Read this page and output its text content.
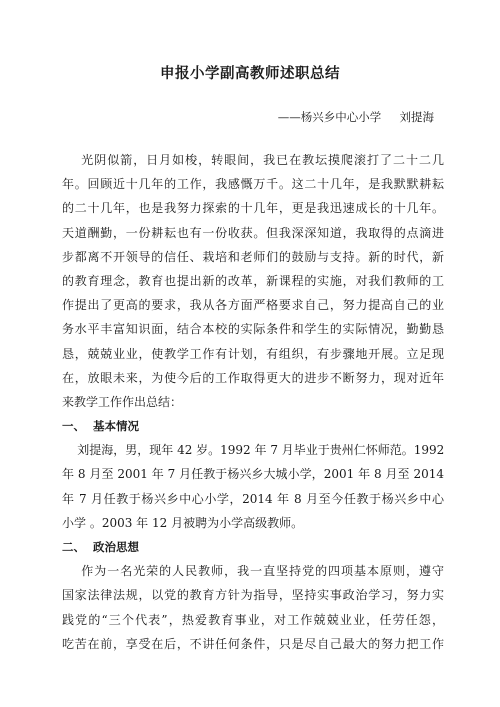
申报小学副高教师述职总结
——杨兴乡中心小学     刘提海
光阴似箭，日月如梭，转眼间，我已在教坛摸爬滚打了二十二几
年。回顾近十几年的工作，我感慨万千。这二十几年，是我默默耕耘
的二十几年，也是我努力探索的十几年，更是我迅速成长的十几年。
天道酬勤，一份耕耘也有一份收获。但我深深知道，我取得的点滴进
步都离不开领导的信任、栽培和老师们的鼓励与支持。新的时代，新
的教育理念，教育也提出新的改革，新课程的实施，对我们教师的工
作提出了更高的要求，我从各方面严格要求自己，努力提高自己的业
务水平丰富知识面，结合本校的实际条件和学生的实际情况，勤勤恳
恳，兢兢业业，使教学工作有计划，有组织，有步骤地开展。立足现
在，放眼未来，为使今后的工作取得更大的进步不断努力，现对近年
来教学工作作出总结：
一、  基本情况
刘提海，男，现年 42 岁。1992 年 7 月毕业于贵州仁怀师范。1992
年 8 月至 2001 年 7 月任教于杨兴乡大城小学，2001 年 8 月至 2014
年 7 月任教于杨兴乡中心小学，2014 年 8 月至今任教于杨兴乡中心
小学 。2003 年 12 月被聘为小学高级教师。
二、  政治思想
作为一名光荣的人民教师，我一直坚持党的四项基本原则，遵守
国家法律法规，以党的教育方针为指导，坚持实事政治学习，努力实
践党的“三个代表”，热爱教育事业，对工作兢兢业业，任劳任怨，
吃苦在前，享受在后，不讲任何条件，只是尽自己最大的努力把工作
